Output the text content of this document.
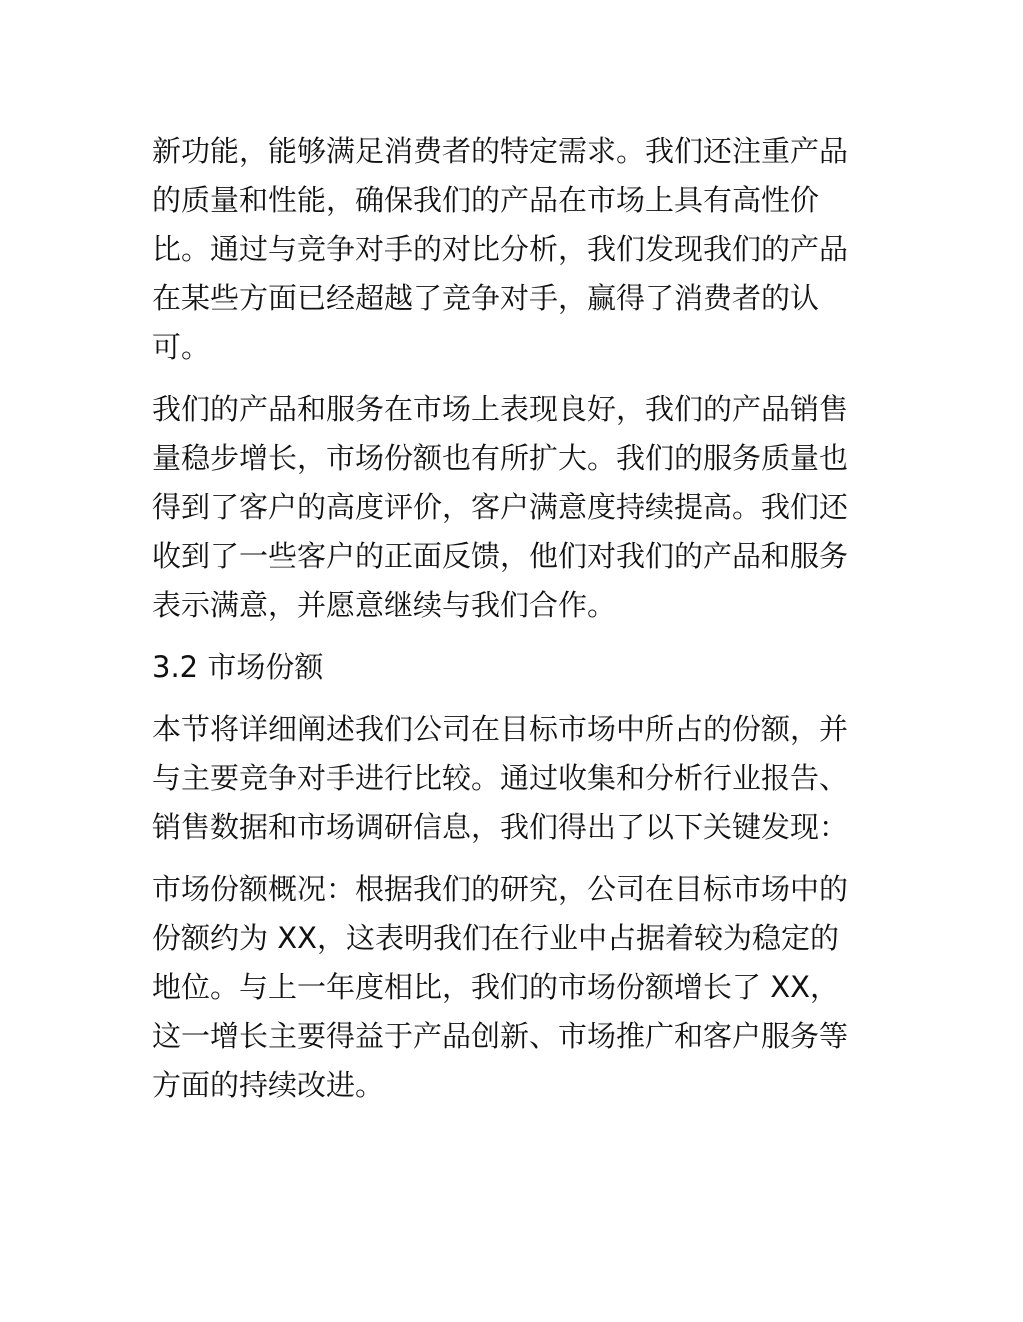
新功能，能够满足消费者的特定需求。我们还注重产品
的质量和性能，确保我们的产品在市场上具有高性价
比。通过与竞争对手的对比分析，我们发现我们的产品
在某些方面已经超越了竞争对手，赢得了消费者的认
可。

我们的产品和服务在市场上表现良好，我们的产品销售
量稳步增长，市场份额也有所扩大。我们的服务质量也
得到了客户的高度评价，客户满意度持续提高。我们还
收到了一些客户的正面反馈，他们对我们的产品和服务
表示满意，并愿意继续与我们合作。

3.2 市场份额

本节将详细阐述我们公司在目标市场中所占的份额，并
与主要竞争对手进行比较。通过收集和分析行业报告、
销售数据和市场调研信息，我们得出了以下关键发现：

市场份额概况：根据我们的研究，公司在目标市场中的
份额约为 XX，这表明我们在行业中占据着较为稳定的
地位。与上一年度相比，我们的市场份额增长了 XX，
这一增长主要得益于产品创新、市场推广和客户服务等
方面的持续改进。
